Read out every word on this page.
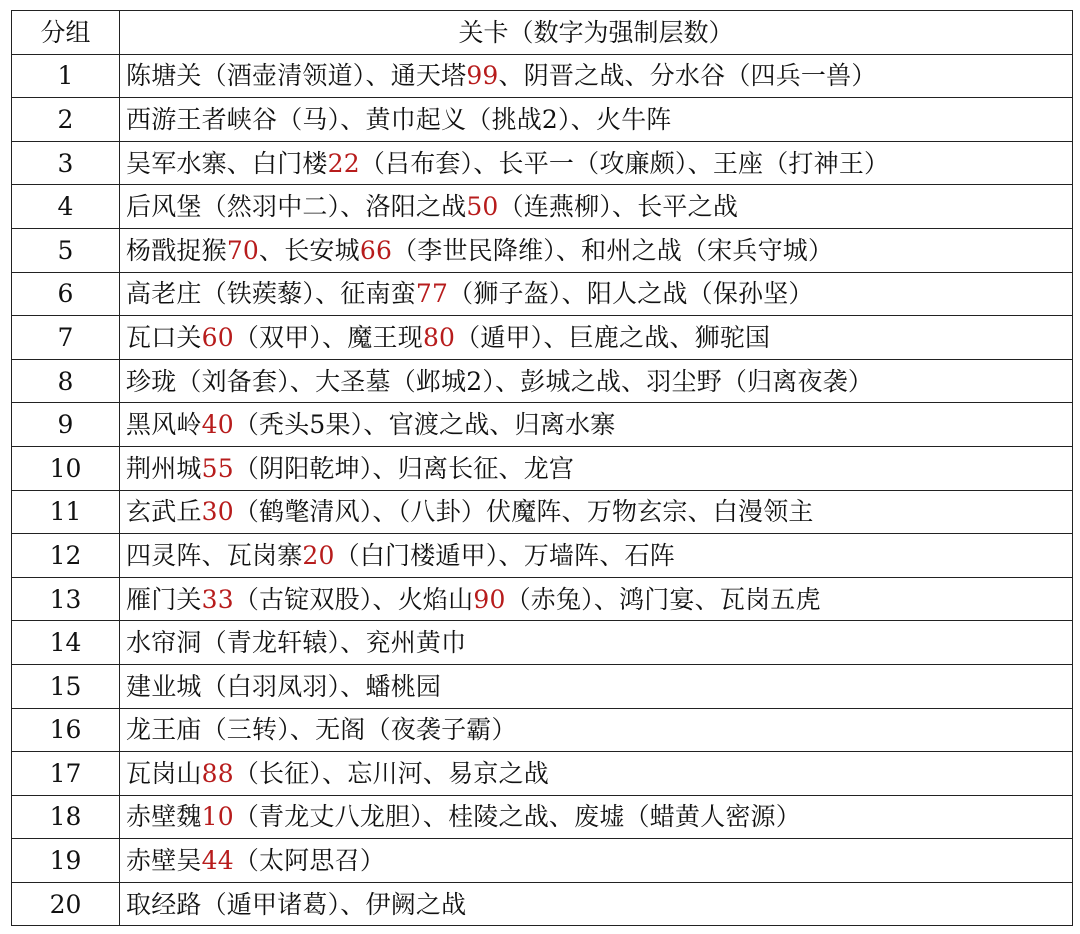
分组	关卡（数字为强制层数）
1	陈塘关（酒壶清领道）、通天塔99、阴晋之战、分水谷（四兵一兽）
2	西游王者峡谷（马）、黄巾起义（挑战2）、火牛阵
3	吴军水寨、白门楼22（吕布套）、长平一（攻廉颇）、王座（打神王）
4	后风堡（然羽中二）、洛阳之战50（连燕柳）、长平之战
5	杨戬捉猴70、长安城66（李世民降维）、和州之战（宋兵守城）
6	高老庄（铁蒺藜）、征南蛮77（狮子盔）、阳人之战（保孙坚）
7	瓦口关60（双甲）、魔王现80（遁甲）、巨鹿之战、狮驼国
8	珍珑（刘备套）、大圣墓（邺城2）、彭城之战、羽尘野（归离夜袭）
9	黑风岭40（秃头5果）、官渡之战、归离水寨
10	荆州城55（阴阳乾坤）、归离长征、龙宫
11	玄武丘30（鹤氅清风）、（八卦）伏魔阵、万物玄宗、白漫领主
12	四灵阵、瓦岗寨20（白门楼遁甲）、万墙阵、石阵
13	雁门关33（古锭双股）、火焰山90（赤兔）、鸿门宴、瓦岗五虎
14	水帘洞（青龙轩辕）、兖州黄巾
15	建业城（白羽凤羽）、蟠桃园
16	龙王庙（三转）、无阁（夜袭子霸）
17	瓦岗山88（长征）、忘川河、易京之战
18	赤壁魏10（青龙丈八龙胆）、桂陵之战、废墟（蜡黄人密源）
19	赤壁吴44（太阿思召）
20	取经路（遁甲诸葛）、伊阙之战
